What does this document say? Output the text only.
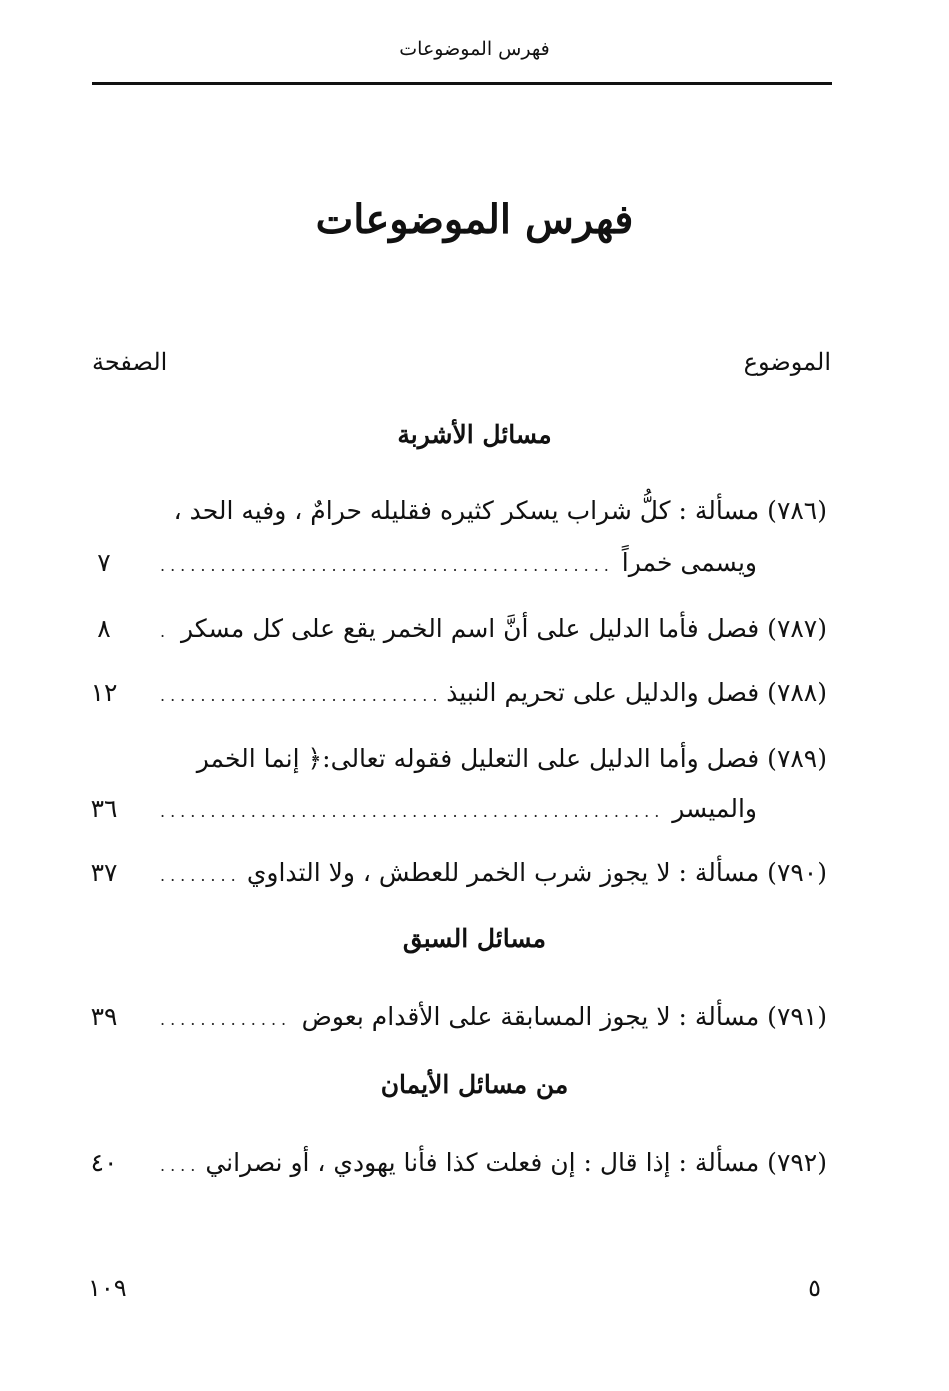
فهرس الموضوعات
فهرس الموضوعات
الموضوع
الصفحة
مسائل الأشربة
(٧٨٦) مسألة : كلُّ شراب يسكر كثيره فقليله حرامٌ ، وفيه الحد ،
ويسمى خمراً
.....
٧
(٧٨٧) فصل فأما الدليل على أنَّ اسم الخمر يقع على كل مسكر
.....
٨
(٧٨٨) فصل والدليل على تحريم النبيذ
.....
١٢
(٧٨٩) فصل وأما الدليل على التعليل فقوله تعالى:﴿ إنما الخمر
والميسر
.....
٣٦
(٧٩٠) مسألة : لا يجوز شرب الخمر للعطش ، ولا التداوي
.....
٣٧
مسائل السبق
(٧٩١) مسألة : لا يجوز المسابقة على الأقدام بعوض
.....
٣٩
من مسائل الأيمان
(٧٩٢) مسألة : إذا قال : إن فعلت كذا فأنا يهودي ، أو نصراني
.....
٤٠
٥
١٠٩
